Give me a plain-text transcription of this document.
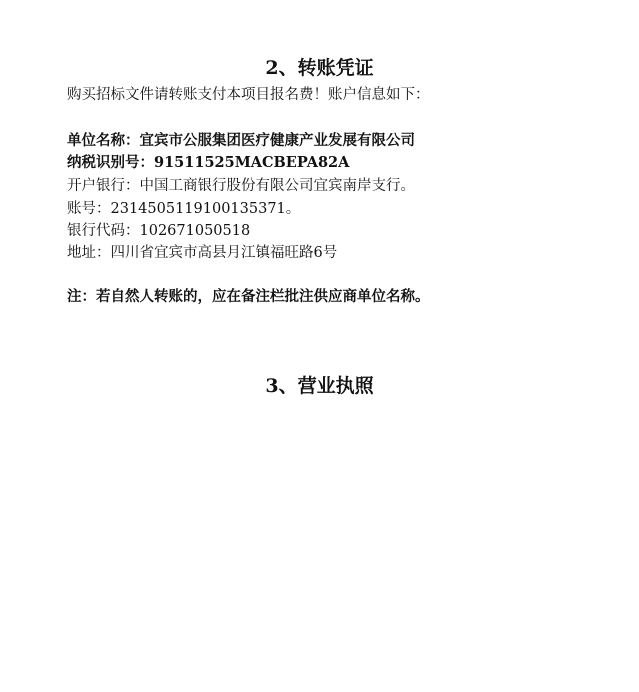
2、转账凭证
购买招标文件请转账支付本项目报名费！账户信息如下：
单位名称：宜宾市公服集团医疗健康产业发展有限公司
纳税识别号：91511525MACBEPA82A
开户银行：中国工商银行股份有限公司宜宾南岸支行。
账号：2314505119100135371。
银行代码：102671050518
地址：四川省宜宾市高县月江镇福旺路6号
注：若自然人转账的，应在备注栏批注供应商单位名称。
3、营业执照
